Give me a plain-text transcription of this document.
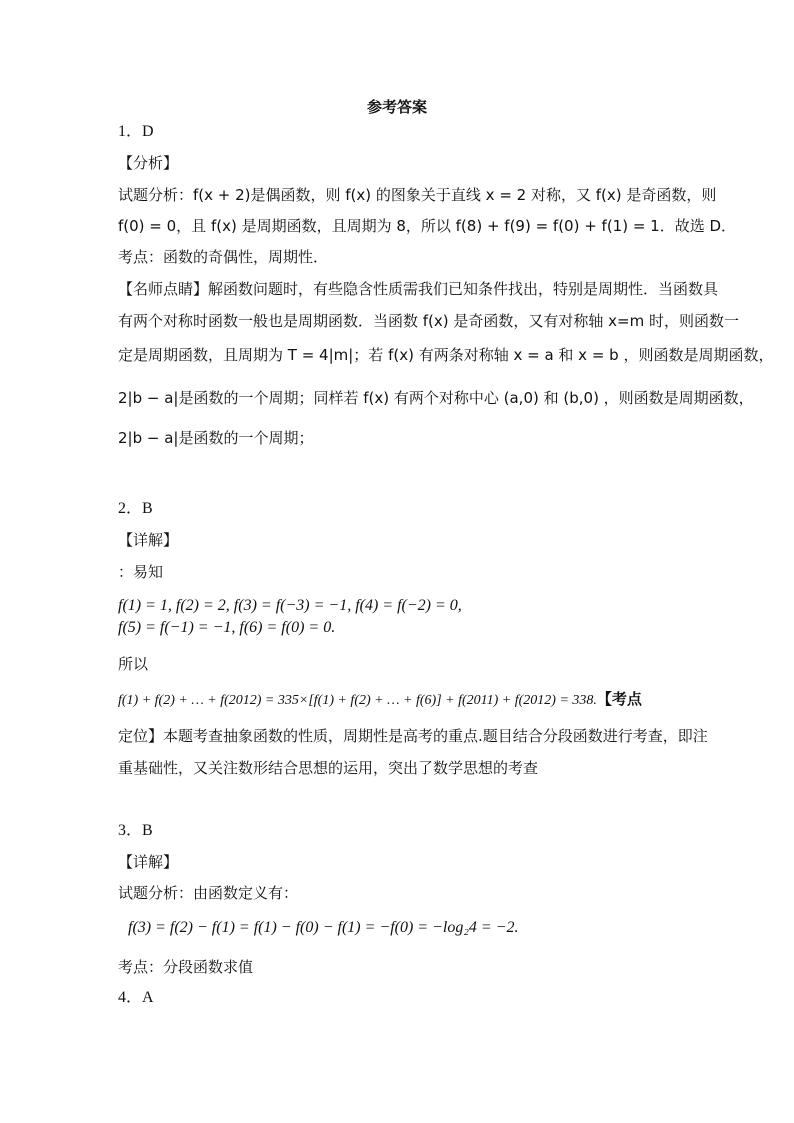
参考答案
1．D
【分析】
试题分析：f(x + 2)是偶函数，则 f(x) 的图象关于直线 x = 2 对称，又 f(x) 是奇函数，则
f(0) = 0，且 f(x) 是周期函数，且周期为 8，所以 f(8) + f(9) = f(0) + f(1) = 1．故选 D．
考点：函数的奇偶性，周期性．
【名师点睛】解函数问题时，有些隐含性质需我们已知条件找出，特别是周期性．当函数具
有两个对称时函数一般也是周期函数．当函数 f(x) 是奇函数，又有对称轴 x=m 时，则函数一
定是周期函数，且周期为 T = 4|m|；若 f(x) 有两条对称轴 x = a 和 x = b ，则函数是周期函数，
2|b − a|是函数的一个周期；同样若 f(x) 有两个对称中心 (a,0) 和 (b,0) ，则函数是周期函数，
2|b − a|是函数的一个周期；
2．B
【详解】
：易知
f(1) = 1, f(2) = 2, f(3) = f(−3) = −1, f(4) = f(−2) = 0,
f(5) = f(−1) = −1, f(6) = f(0) = 0.
所以
f(1) + f(2) + … + f(2012) = 335×[f(1) + f(2) + … + f(6)] + f(2011) + f(2012) = 338.【考点
定位】本题考查抽象函数的性质，周期性是高考的重点.题目结合分段函数进行考查，即注
重基础性，又关注数形结合思想的运用，突出了数学思想的考查
3．B
【详解】
试题分析：由函数定义有：
f(3) = f(2) − f(1) = f(1) − f(0) − f(1) = −f(0) = −log₂4 = −2.
考点：分段函数求值
4．A
